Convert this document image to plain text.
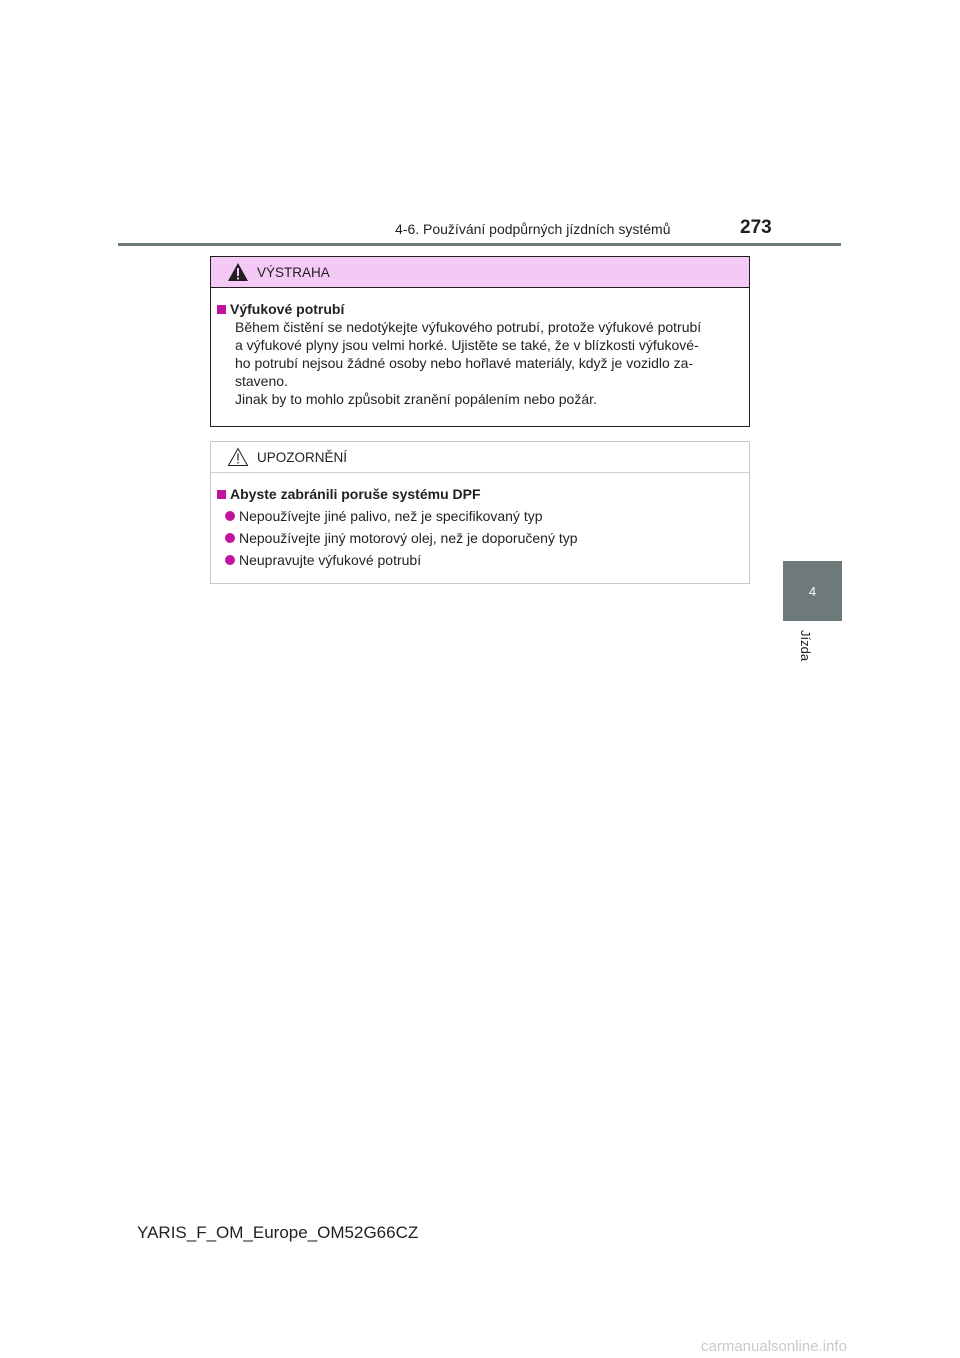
4-6. Používání podpůrných jízdních systémů	273
4
Jízda
VÝSTRAHA
Výfukové potrubí
Během čistění se nedotýkejte výfukového potrubí, protože výfukové potrubí
a výfukové plyny jsou velmi horké. Ujistěte se také, že v blízkosti výfukové-
ho potrubí nejsou žádné osoby nebo hořlavé materiály, když je vozidlo za-
staveno.
Jinak by to mohlo způsobit zranění popálením nebo požár.
UPOZORNĚNÍ
Abyste zabránili poruše systému DPF
Nepoužívejte jiné palivo, než je specifikovaný typ
Nepoužívejte jiný motorový olej, než je doporučený typ
Neupravujte výfukové potrubí
YARIS_F_OM_Europe_OM52G66CZ
carmanualsonline.info
